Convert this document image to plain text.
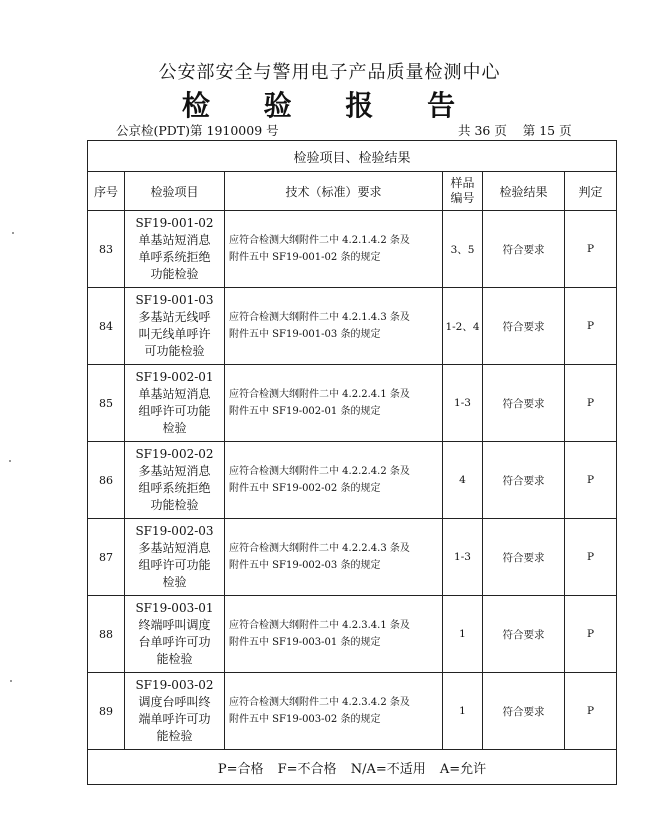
公安部安全与警用电子产品质量检测中心
检 验 报 告
公京检(PDT)第 1910009 号	共 36 页    第 15 页
检验项目、检验结果					
序号	检验项目	技术（标准）要求	样品编号	检验结果	判定
83	SF19-001-02
单基站短消息
单呼系统拒绝
功能检验	应符合检测大纲附件二中 4.2.1.4.2 条及
附件五中 SF19-001-02 条的规定	3、5	符合要求	P
84	SF19-001-03
多基站无线呼
叫无线单呼许
可功能检验	应符合检测大纲附件二中 4.2.1.4.3 条及
附件五中 SF19-001-03 条的规定	1-2、4	符合要求	P
85	SF19-002-01
单基站短消息
组呼许可功能
检验	应符合检测大纲附件二中 4.2.2.4.1 条及
附件五中 SF19-002-01 条的规定	1-3	符合要求	P
86	SF19-002-02
多基站短消息
组呼系统拒绝
功能检验	应符合检测大纲附件二中 4.2.2.4.2 条及
附件五中 SF19-002-02 条的规定	4	符合要求	P
87	SF19-002-03
多基站短消息
组呼许可功能
检验	应符合检测大纲附件二中 4.2.2.4.3 条及
附件五中 SF19-002-03 条的规定	1-3	符合要求	P
88	SF19-003-01
终端呼叫调度
台单呼许可功
能检验	应符合检测大纲附件二中 4.2.3.4.1 条及
附件五中 SF19-003-01 条的规定	1	符合要求	P
89	SF19-003-02
调度台呼叫终
端单呼许可功
能检验	应符合检测大纲附件二中 4.2.3.4.2 条及
附件五中 SF19-003-02 条的规定	1	符合要求	P
P=合格 F=不合格 N/A=不适用 A=允许					
